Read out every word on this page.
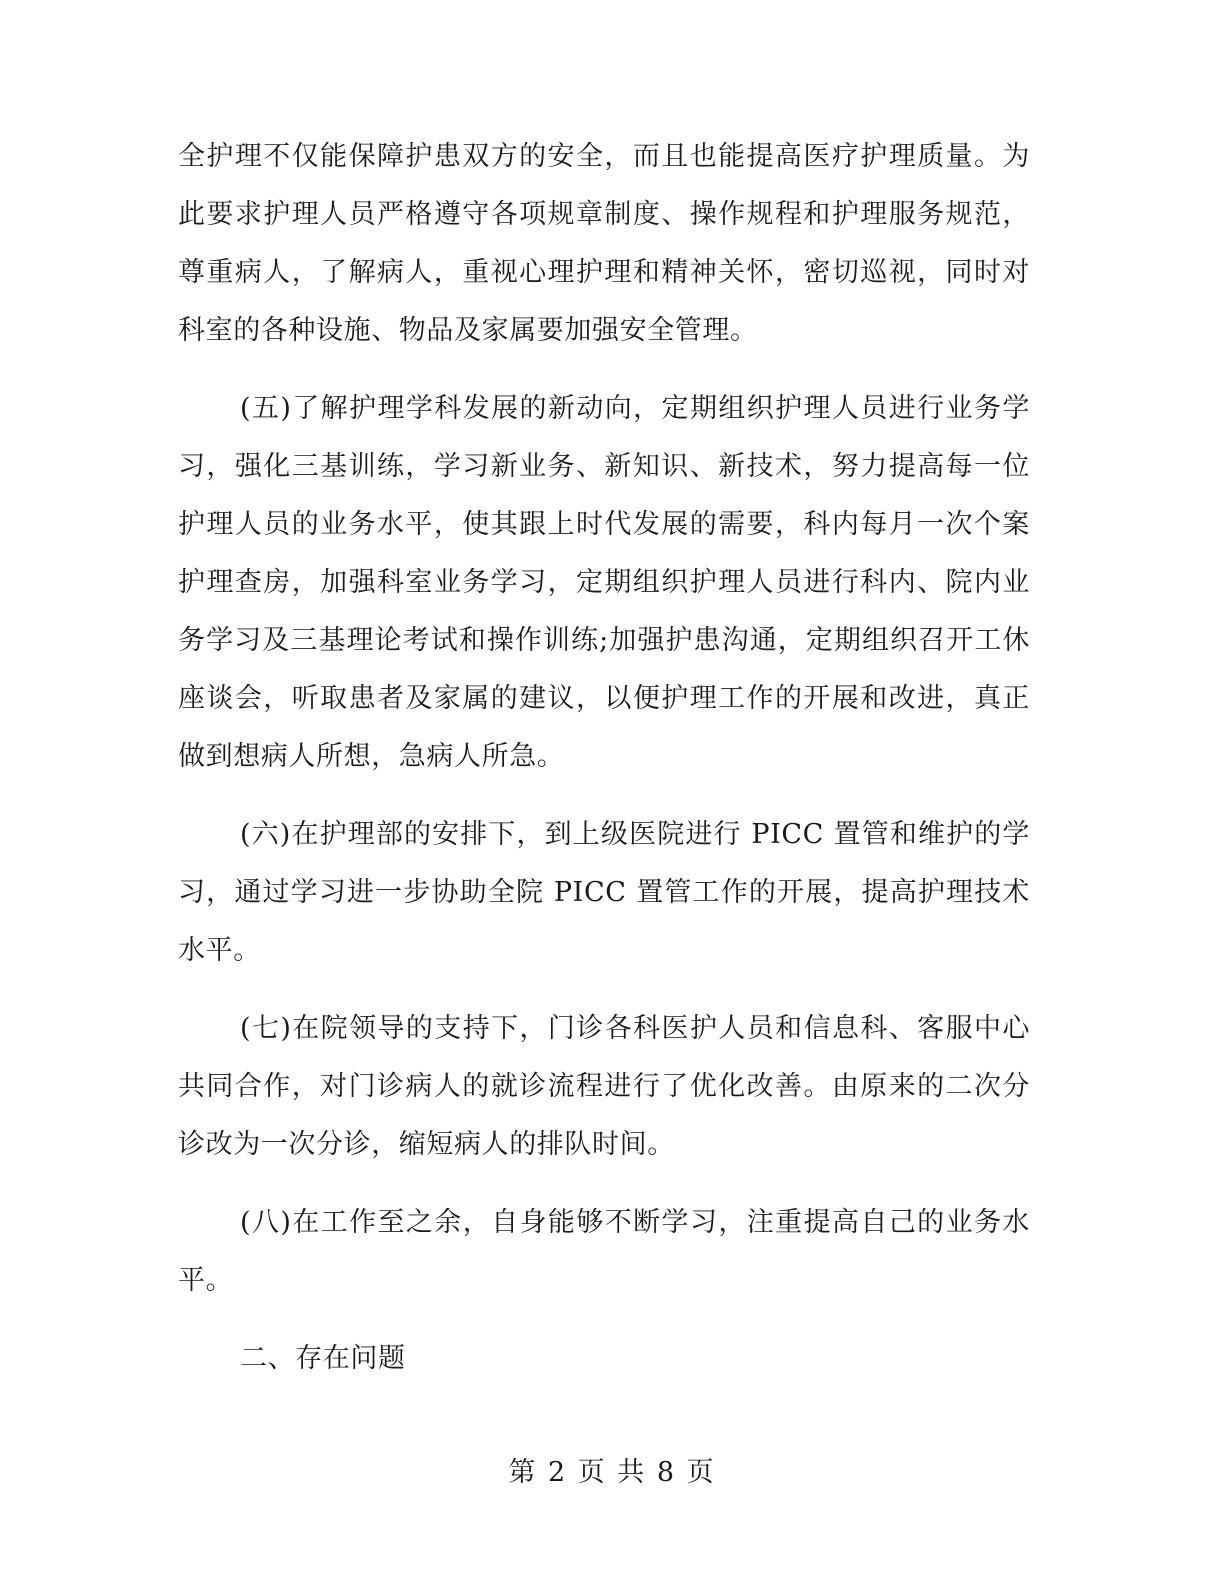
全护理不仅能保障护患双方的安全，而且也能提高医疗护理质量。为此要求护理人员严格遵守各项规章制度、操作规程和护理服务规范，尊重病人，了解病人，重视心理护理和精神关怀，密切巡视，同时对科室的各种设施、物品及家属要加强安全管理。

(五)了解护理学科发展的新动向，定期组织护理人员进行业务学习，强化三基训练，学习新业务、新知识、新技术，努力提高每一位护理人员的业务水平，使其跟上时代发展的需要，科内每月一次个案护理查房，加强科室业务学习，定期组织护理人员进行科内、院内业务学习及三基理论考试和操作训练;加强护患沟通，定期组织召开工休座谈会，听取患者及家属的建议，以便护理工作的开展和改进，真正做到想病人所想，急病人所急。

(六)在护理部的安排下，到上级医院进行 PICC 置管和维护的学习，通过学习进一步协助全院 PICC 置管工作的开展，提高护理技术水平。

(七)在院领导的支持下，门诊各科医护人员和信息科、客服中心共同合作，对门诊病人的就诊流程进行了优化改善。由原来的二次分诊改为一次分诊，缩短病人的排队时间。

(八)在工作至之余，自身能够不断学习，注重提高自己的业务水平。

二、存在问题

第 2 页 共 8 页
